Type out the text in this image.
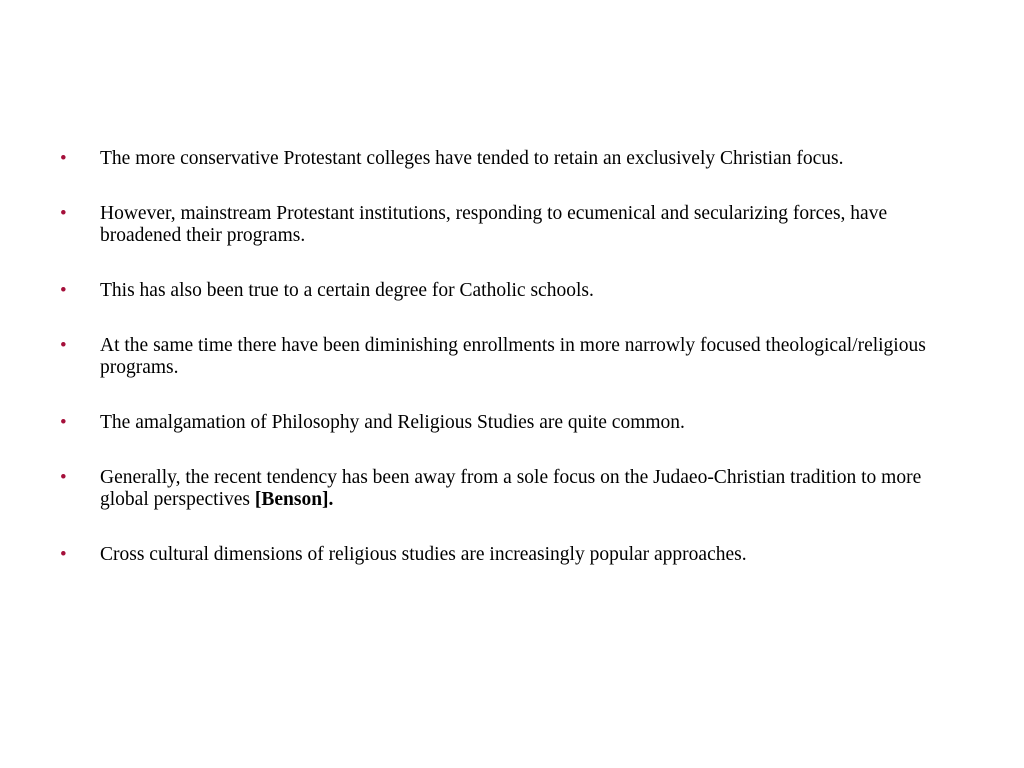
• The more conservative Protestant colleges have tended to retain an exclusively Christian focus.
• However, mainstream Protestant institutions, responding to ecumenical and secularizing forces, have broadened their programs.
• This has also been true to a certain degree for Catholic schools.
• At the same time there have been diminishing enrollments in more narrowly focused theological/religious programs.
• The amalgamation of Philosophy and Religious Studies are quite common.
• Generally, the recent tendency has been away from a sole focus on the Judaeo-Christian tradition to more global perspectives [Benson].
• Cross cultural dimensions of religious studies are increasingly popular approaches.
